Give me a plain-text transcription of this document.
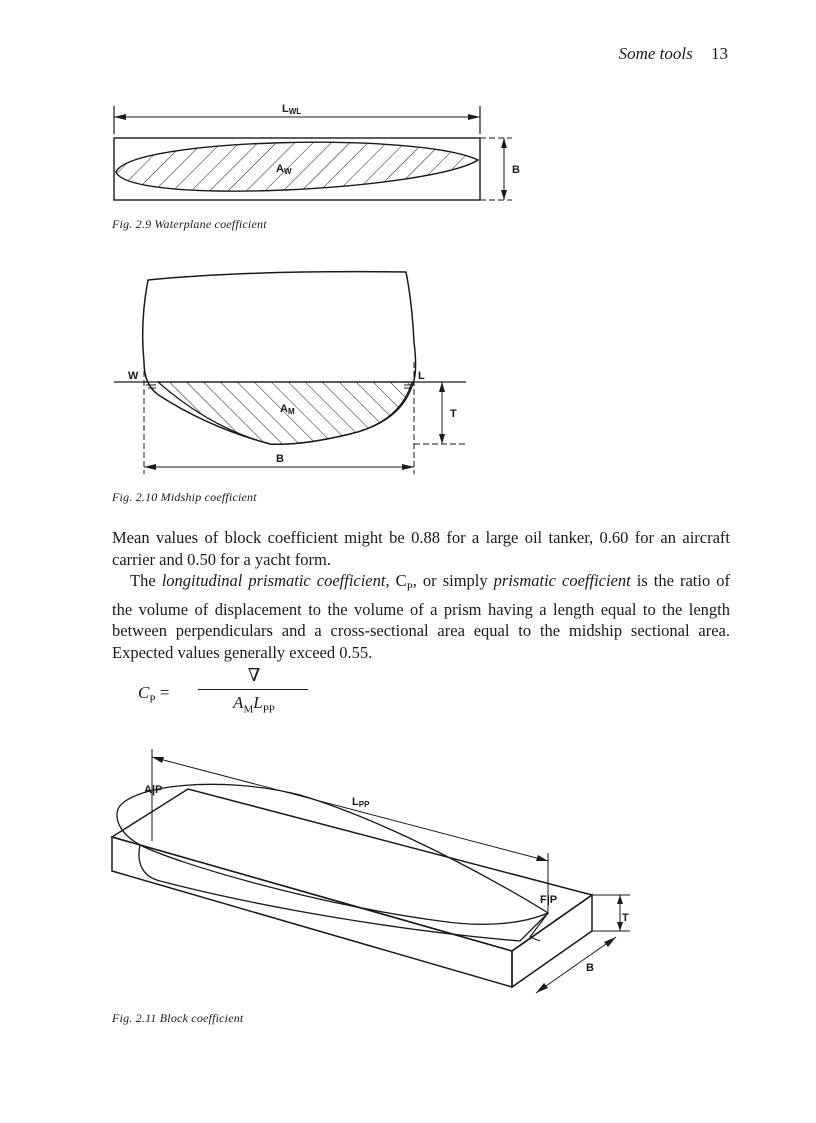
Some tools 13
LWL
AW	B
Fig. 2.9 Waterplane coefficient
W	L
AM	T
B
Fig. 2.10 Midship coefficient

Mean values of block coefficient might be 0.88 for a large oil tanker, 0.60 for an aircraft carrier and 0.50 for a yacht form.

The longitudinal prismatic coefficient, $C_P$, or simply prismatic coefficient is the ratio of the volume of displacement to the volume of a prism having a length equal to the length between perpendiculars and a cross-sectional area equal to the midship sectional area. Expected values generally exceed 0.55.

$C_P$ =
∇
$A_ML_{PP}$
LPP
A|P
F|P
T
B
Fig. 2.11 Block coefficient
